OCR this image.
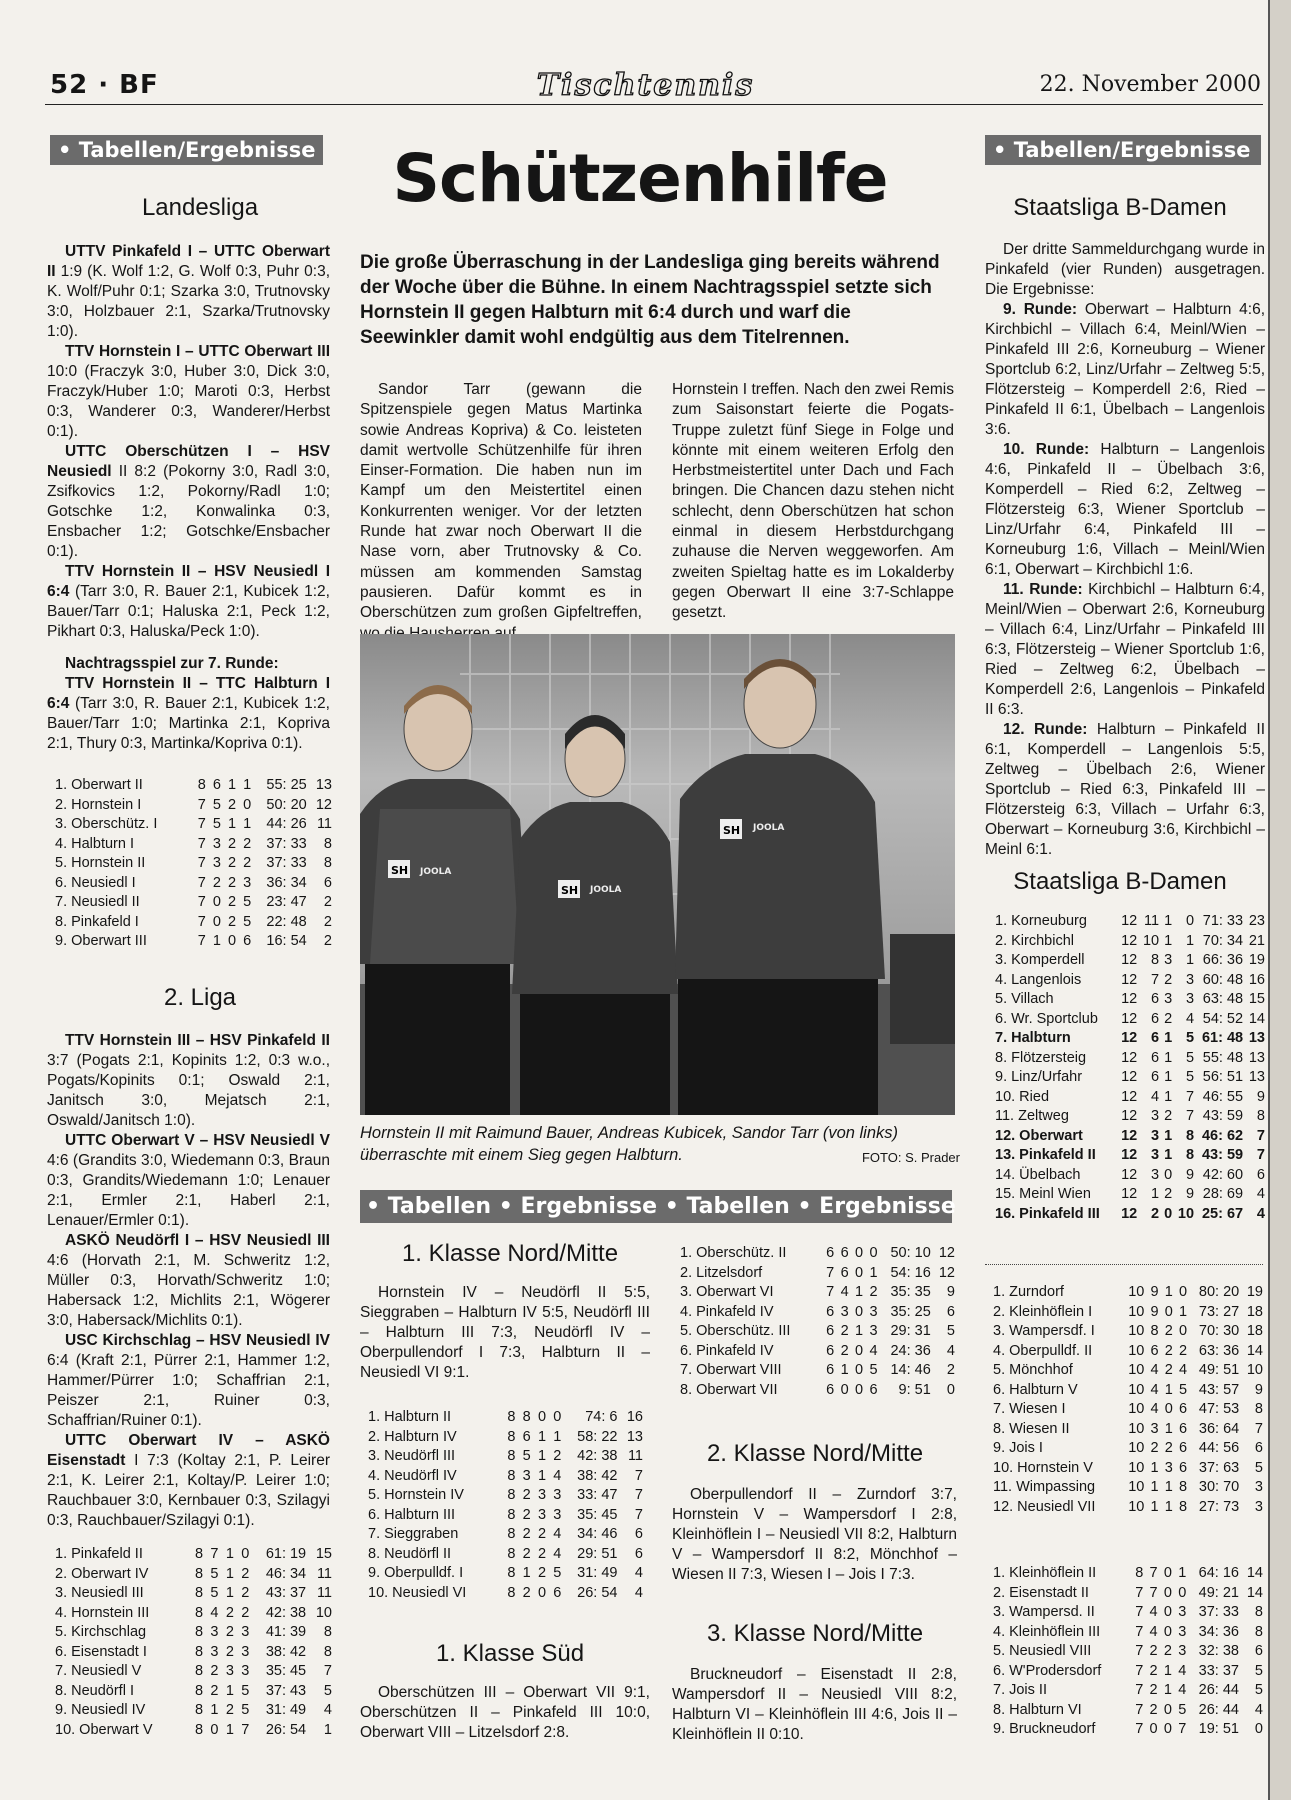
52 · BF	Tischtennis	22. November 2000
• Tabellen/Ergebnisse
Landesliga

UTTV Pinkafeld I – UTTC Oberwart II 1:9 (K. Wolf 1:2, G. Wolf 0:3, Puhr 0:3, K. Wolf/Puhr 0:1; Szarka 3:0, Trutnovsky 3:0, Holzbauer 2:1, Szarka/Trutnovsky 1:0).

TTV Hornstein I – UTTC Oberwart III 10:0 (Fraczyk 3:0, Huber 3:0, Dick 3:0, Fraczyk/Huber 1:0; Maroti 0:3, Herbst 0:3, Wanderer 0:3, Wanderer/Herbst 0:1).

UTTC Oberschützen I – HSV Neusiedl II 8:2 (Pokorny 3:0, Radl 3:0, Zsifkovics 1:2, Pokorny/Radl 1:0; Gotschke 1:2, Konwalinka 0:3, Ensbacher 1:2; Gotschke/Ensbacher 0:1).

TTV Hornstein II – HSV Neusiedl I 6:4 (Tarr 3:0, R. Bauer 2:1, Kubicek 1:2, Bauer/Tarr 0:1; Haluska 2:1, Peck 1:2, Pikhart 0:3, Haluska/Peck 1:0).

Nachtragsspiel zur 7. Runde:

TTV Hornstein II – TTC Halbturn I 6:4 (Tarr 3:0, R. Bauer 2:1, Kubicek 1:2, Bauer/Tarr 1:0; Martinka 2:1, Kopriva 2:1, Thury 0:3, Martinka/Kopriva 0:1).

1. Oberwart II	8	6	1	1	55: 25	13
2. Hornstein I	7	5	2	0	50: 20	12
3. Oberschütz. I	7	5	1	1	44: 26	11
4. Halbturn I	7	3	2	2	37: 33	8
5. Hornstein II	7	3	2	2	37: 33	8
6. Neusiedl I	7	2	2	3	36: 34	6
7. Neusiedl II	7	0	2	5	23: 47	2
8. Pinkafeld I	7	0	2	5	22: 48	2
9. Oberwart III	7	1	0	6	16: 54	2
2. Liga

TTV Hornstein III – HSV Pinkafeld II 3:7 (Pogats 2:1, Kopinits 1:2, 0:3 w.o., Pogats/Kopinits 0:1; Oswald 2:1, Janitsch 3:0, Mejatsch 2:1, Oswald/Janitsch 1:0).

UTTC Oberwart V – HSV Neusiedl V 4:6 (Grandits 3:0, Wiedemann 0:3, Braun 0:3, Grandits/Wiedemann 1:0; Lenauer 2:1, Ermler 2:1, Haberl 2:1, Lenauer/Ermler 0:1).

ASKÖ Neudörfl I – HSV Neusiedl III 4:6 (Horvath 2:1, M. Schweritz 1:2, Müller 0:3, Horvath/Schweritz 1:0; Habersack 1:2, Michlits 2:1, Wögerer 3:0, Habersack/Michlits 0:1).

USC Kirchschlag – HSV Neusiedl IV 6:4 (Kraft 2:1, Pürrer 2:1, Hammer 1:2, Hammer/Pürrer 1:0; Schaffrian 2:1, Peiszer 2:1, Ruiner 0:3, Schaffrian/Ruiner 0:1).

UTTC Oberwart IV – ASKÖ Eisenstadt I 7:3 (Koltay 2:1, P. Leirer 2:1, K. Leirer 2:1, Koltay/P. Leirer 1:0; Rauchbauer 3:0, Kernbauer 0:3, Szilagyi 0:3, Rauchbauer/Szilagyi 0:1).

1. Pinkafeld II	8	7	1	0	61: 19	15
2. Oberwart IV	8	5	1	2	46: 34	11
3. Neusiedl III	8	5	1	2	43: 37	11
4. Hornstein III	8	4	2	2	42: 38	10
5. Kirchschlag	8	3	2	3	41: 39	8
6. Eisenstadt I	8	3	2	3	38: 42	8
7. Neusiedl V	8	2	3	3	35: 45	7
8. Neudörfl I	8	2	1	5	37: 43	5
9. Neusiedl IV	8	1	2	5	31: 49	4
10. Oberwart V	8	0	1	7	26: 54	1
Schützenhilfe
Die große Überraschung in der Landesliga ging bereits während der Woche über die Bühne. In einem Nachtragsspiel setzte sich Hornstein II gegen Halbturn mit 6:4 durch und warf die Seewinkler damit wohl endgültig aus dem Titelrennen.

Sandor Tarr (gewann die Spitzenspiele gegen Matus Martinka sowie Andreas Kopriva) & Co. leisteten damit wertvolle Schützenhilfe für ihren Einser-Formation. Die haben nun im Kampf um den Meistertitel einen Konkurrenten weniger. Vor der letzten Runde hat zwar noch Oberwart II die Nase vorn, aber Trutnovsky & Co. müssen am kommenden Samstag pausieren. Dafür kommt es in Oberschützen zum großen Gipfeltreffen,

Hornstein I treffen. Nach den zwei Remis zum Saisonstart feierte die Pogats-Truppe zuletzt fünf Siege in Folge und könnte mit einem weiteren Erfolg den Herbstmeistertitel unter Dach und Fach bringen. Die Chancen dazu stehen nicht schlecht, denn Oberschützen hat schon einmal in diesem Herbstdurchgang zuhause die Nerven weggeworfen. Am zweiten Spieltag hatte es im Lokalderby gegen Oberwart II eine 3:7-Schlappe gesetzt.

SH JOOLA
SH JOOLA
SH JOOLA
Hornstein II mit Raimund Bauer, Andreas Kubicek, Sandor Tarr (von links) überraschte mit einem Sieg gegen Halbturn.	FOTO: S. Prader
• Tabellen • Ergebnisse • Tabellen • Ergebnisse
1. Klasse Nord/Mitte

Hornstein IV – Neudörfl II 5:5, Sieggraben – Halbturn IV 5:5, Neudörfl III – Halbturn III 7:3, Neudörfl IV – Oberpullendorf I 7:3, Halbturn II – Neusiedl VI 9:1.

1. Halbturn II	8	8	0	0	74: 6	16
2. Halbturn IV	8	6	1	1	58: 22	13
3. Neudörfl III	8	5	1	2	42: 38	11
4. Neudörfl IV	8	3	1	4	38: 42	7
5. Hornstein IV	8	2	3	3	33: 47	7
6. Halbturn III	8	2	3	3	35: 45	7
7. Sieggraben	8	2	2	4	34: 46	6
8. Neudörfl II	8	2	2	4	29: 51	6
9. Oberpulldf. I	8	1	2	5	31: 49	4
10. Neusiedl VI	8	2	0	6	26: 54	4
1. Klasse Süd

Oberschützen III – Oberwart VII 9:1, Oberschützen II – Pinkafeld III 10:0, Oberwart VIII – Litzelsdorf 2:8.

1. Oberschütz. II	6	6	0	0	50: 10	12
2. Litzelsdorf	7	6	0	1	54: 16	12
3. Oberwart VI	7	4	1	2	35: 35	9
4. Pinkafeld IV	6	3	0	3	35: 25	6
5. Oberschütz. III	6	2	1	3	29: 31	5
6. Pinkafeld IV	6	2	0	4	24: 36	4
7. Oberwart VIII	6	1	0	5	14: 46	2
8. Oberwart VII	6	0	0	6	9: 51	0
2. Klasse Nord/Mitte

Oberpullendorf II – Zurndorf 3:7, Hornstein V – Wampersdorf I 2:8, Kleinhöflein I – Neusiedl VII 8:2, Halbturn V – Wampersdorf II 8:2, Mönchhof – Wiesen II 7:3, Wiesen I – Jois I 7:3.

3. Klasse Nord/Mitte

Bruckneudorf – Eisenstadt II 2:8, Wampersdorf II – Neusiedl VIII 8:2, Halbturn VI – Kleinhöflein III 4:6, Jois II – Kleinhöflein II 0:10.

• Tabellen/Ergebnisse
Staatsliga B-Damen

Der dritte Sammeldurchgang wurde in Pinkafeld (vier Runden) ausgetragen. Die Ergebnisse:

9. Runde: Oberwart – Halbturn 4:6, Kirchbichl – Villach 6:4, Meinl/Wien – Pinkafeld III 2:6, Korneuburg – Wiener Sportclub 6:2, Linz/Urfahr – Zeltweg 5:5, Flötzersteig – Komperdell 2:6, Ried – Pinkafeld II 6:1, Übelbach – Langenlois 3:6.

10. Runde: Halbturn – Langenlois 4:6, Pinkafeld II – Übelbach 3:6, Komperdell – Ried 6:2, Zeltweg – Flötzersteig 6:3, Wiener Sportclub – Linz/Urfahr 6:4, Pinkafeld III – Korneuburg 1:6, Villach – Meinl/Wien 6:1, Oberwart – Kirchbichl 1:6.

11. Runde: Kirchbichl – Halbturn 6:4, Meinl/Wien – Oberwart 2:6, Korneuburg – Villach 6:4, Linz/Urfahr – Pinkafeld III 6:3, Flötzersteig – Wiener Sportclub 1:6, Ried – Zeltweg 6:2, Übelbach – Komperdell 2:6, Langenlois – Pinkafeld II 6:3.

12. Runde: Halbturn – Pinkafeld II 6:1, Komperdell – Langenlois 5:5, Zeltweg – Übelbach 2:6, Wiener Sportclub – Ried 6:3, Pinkafeld III – Flötzersteig 6:3, Villach – Urfahr 6:3, Oberwart – Korneuburg 3:6, Kirchbichl – Meinl 6:1.

Staatsliga B-Damen
1. Korneuburg	12	11	1	0	71: 33	23
2. Kirchbichl	12	10	1	1	70: 34	21
3. Komperdell	12	8	3	1	66: 36	19
4. Langenlois	12	7	2	3	60: 48	16
5. Villach	12	6	3	3	63: 48	15
6. Wr. Sportclub	12	6	2	4	54: 52	14
7. Halbturn	12	6	1	5	61: 48	13
8. Flötzersteig	12	6	1	5	55: 48	13
9. Linz/Urfahr	12	6	1	5	56: 51	13
10. Ried	12	4	1	7	46: 55	9
11. Zeltweg	12	3	2	7	43: 59	8
12. Oberwart	12	3	1	8	46: 62	7
13. Pinkafeld II	12	3	1	8	43: 59	7
14. Übelbach	12	3	0	9	42: 60	6
15. Meinl Wien	12	1	2	9	28: 69	4
16. Pinkafeld III	12	2	0	10	25: 67	4
1. Zurndorf	10	9	1	0	80: 20	19
2. Kleinhöflein I	10	9	0	1	73: 27	18
3. Wampersdf. I	10	8	2	0	70: 30	18
4. Oberpulldf. II	10	6	2	2	63: 36	14
5. Mönchhof	10	4	2	4	49: 51	10
6. Halbturn V	10	4	1	5	43: 57	9
7. Wiesen I	10	4	0	6	47: 53	8
8. Wiesen II	10	3	1	6	36: 64	7
9. Jois I	10	2	2	6	44: 56	6
10. Hornstein V	10	1	3	6	37: 63	5
11. Wimpassing	10	1	1	8	30: 70	3
12. Neusiedl VII	10	1	1	8	27: 73	3
1. Kleinhöflein II	8	7	0	1	64: 16	14
2. Eisenstadt II	7	7	0	0	49: 21	14
3. Wampersd. II	7	4	0	3	37: 33	8
4. Kleinhöflein III	7	4	0	3	34: 36	8
5. Neusiedl VIII	7	2	2	3	32: 38	6
6. W'Prodersdorf	7	2	1	4	33: 37	5
7. Jois II	7	2	1	4	26: 44	5
8. Halbturn VI	7	2	0	5	26: 44	4
9. Bruckneudorf	7	0	0	7	19: 51	0
